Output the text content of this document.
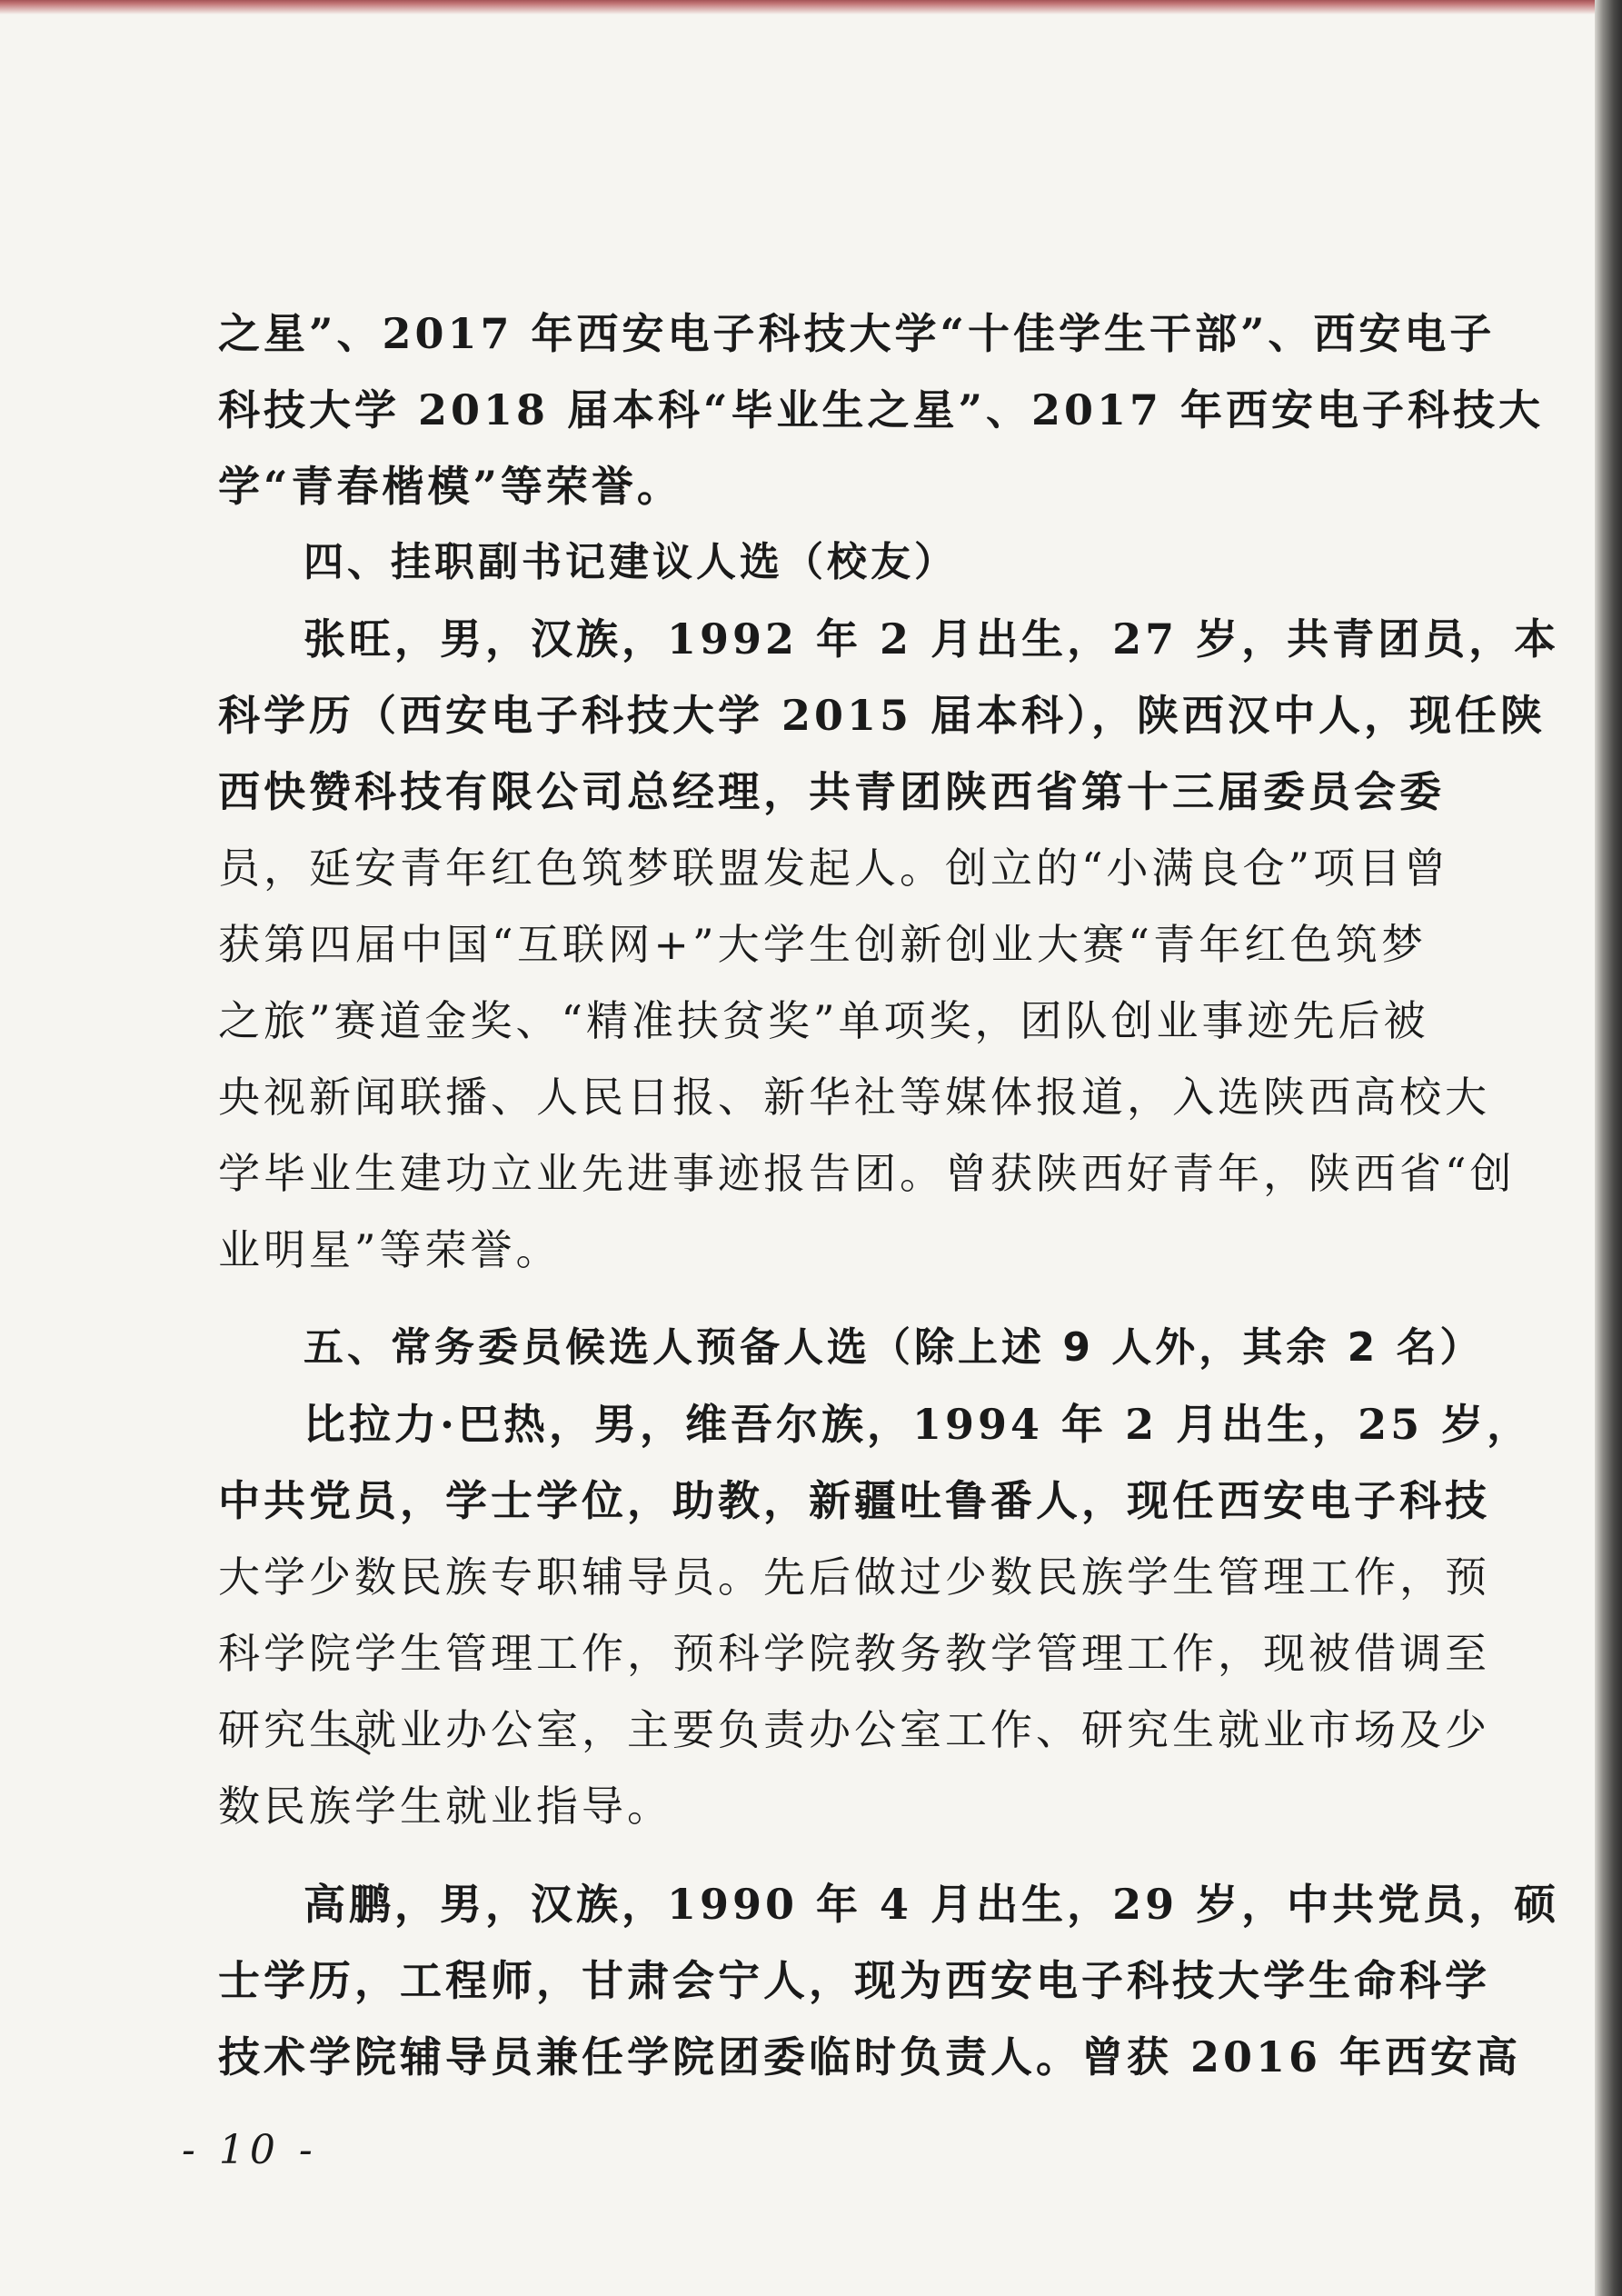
之星”、2017 年西安电子科技大学“十佳学生干部”、西安电子
科技大学 2018 届本科“毕业生之星”、2017 年西安电子科技大
学“青春楷模”等荣誉。
四、挂职副书记建议人选（校友）
张旺，男，汉族，1992 年 2 月出生，27 岁，共青团员，本
科学历（西安电子科技大学 2015 届本科），陕西汉中人，现任陕
西快赞科技有限公司总经理，共青团陕西省第十三届委员会委
员，延安青年红色筑梦联盟发起人。创立的“小满良仓”项目曾
获第四届中国“互联网+”大学生创新创业大赛“青年红色筑梦
之旅”赛道金奖、“精准扶贫奖”单项奖，团队创业事迹先后被
央视新闻联播、人民日报、新华社等媒体报道，入选陕西高校大
学毕业生建功立业先进事迹报告团。曾获陕西好青年，陕西省“创
业明星”等荣誉。
五、常务委员候选人预备人选（除上述 9 人外，其余 2 名）
比拉力·巴热，男，维吾尔族，1994 年 2 月出生，25 岁，
中共党员，学士学位，助教，新疆吐鲁番人，现任西安电子科技
大学少数民族专职辅导员。先后做过少数民族学生管理工作，预
科学院学生管理工作，预科学院教务教学管理工作，现被借调至
研究生就业办公室，主要负责办公室工作、研究生就业市场及少
数民族学生就业指导。
高鹏，男，汉族，1990 年 4 月出生，29 岁，中共党员，硕
士学历，工程师，甘肃会宁人，现为西安电子科技大学生命科学
技术学院辅导员兼任学院团委临时负责人。曾获 2016 年西安高
- 10 -
